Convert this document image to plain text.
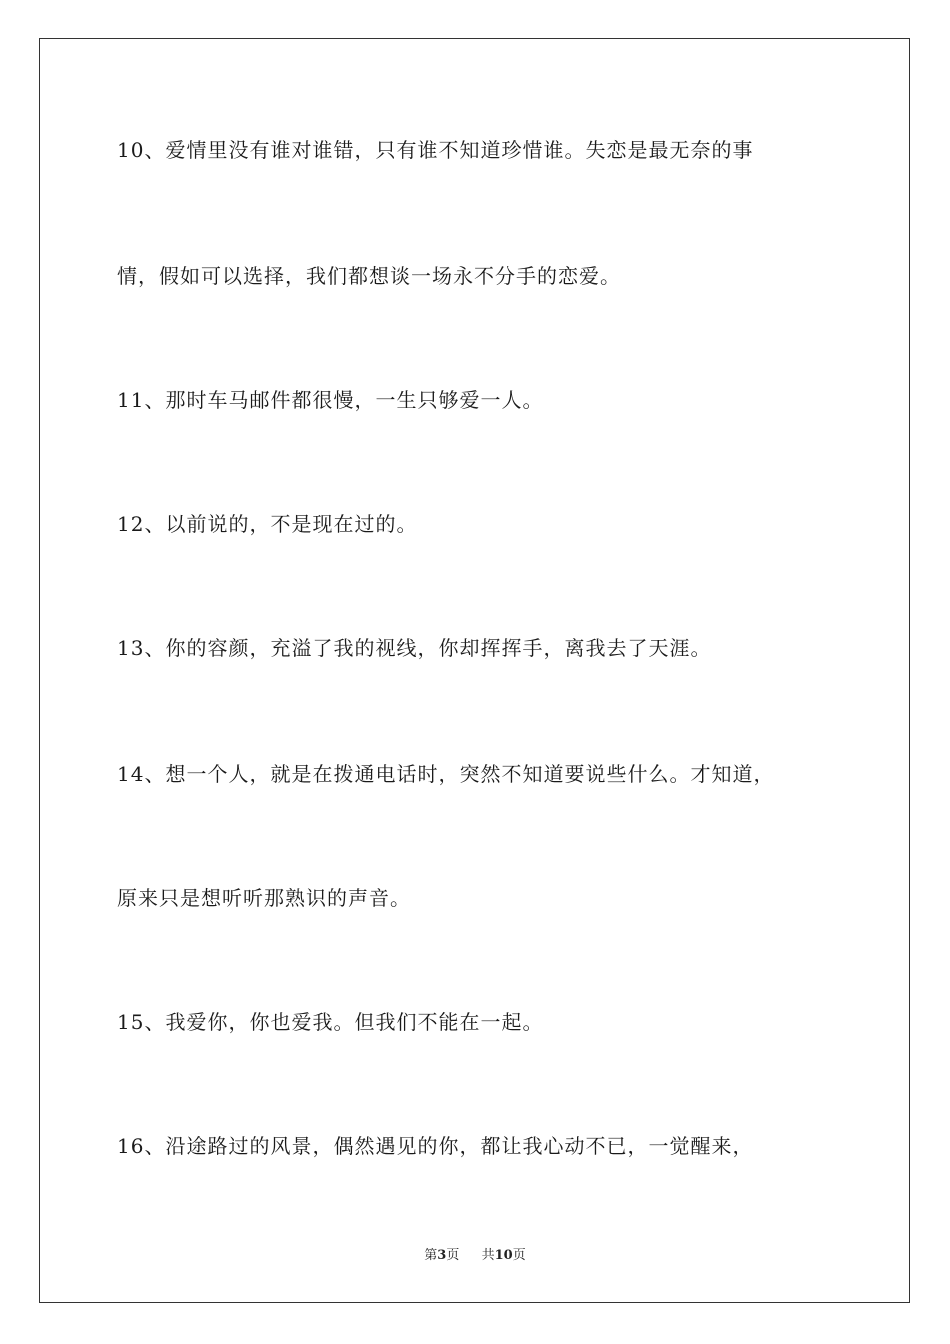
10、爱情里没有谁对谁错，只有谁不知道珍惜谁。失恋是最无奈的事
情，假如可以选择，我们都想谈一场永不分手的恋爱。
11、那时车马邮件都很慢，一生只够爱一人。
12、以前说的，不是现在过的。
13、你的容颜，充溢了我的视线，你却挥挥手，离我去了天涯。
14、想一个人，就是在拨通电话时，突然不知道要说些什么。才知道，
原来只是想听听那熟识的声音。
15、我爱你，你也爱我。但我们不能在一起。
16、沿途路过的风景，偶然遇见的你，都让我心动不已，一觉醒来，
第3页 共10页
